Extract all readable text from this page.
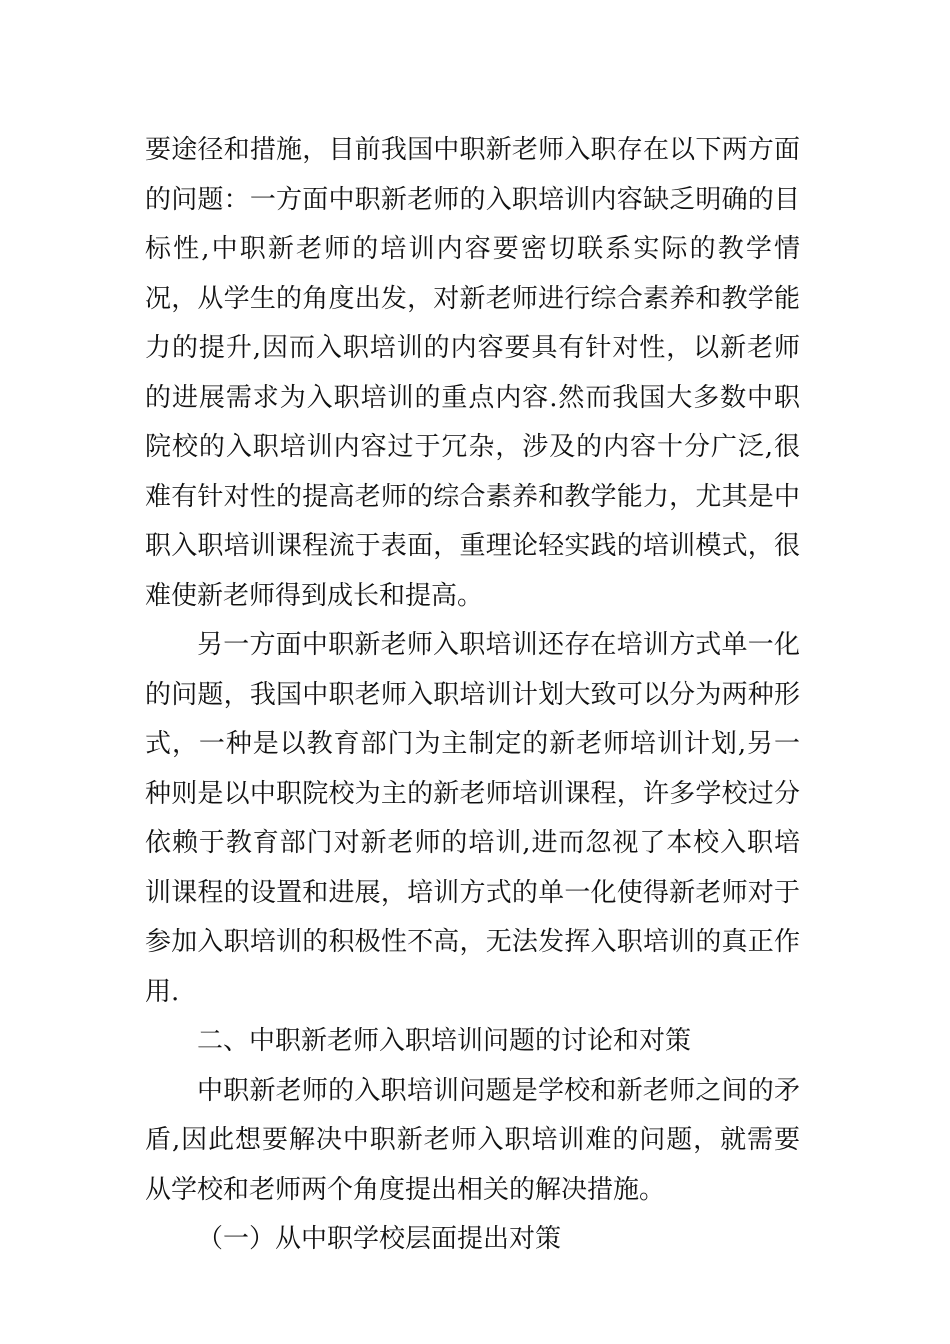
要途径和措施，目前我国中职新老师入职存在以下两方面的问题：一方面中职新老师的入职培训内容缺乏明确的目标性,中职新老师的培训内容要密切联系实际的教学情况，从学生的角度出发，对新老师进行综合素养和教学能力的提升,因而入职培训的内容要具有针对性，以新老师的进展需求为入职培训的重点内容.然而我国大多数中职院校的入职培训内容过于冗杂，涉及的内容十分广泛,很难有针对性的提高老师的综合素养和教学能力，尤其是中职入职培训课程流于表面，重理论轻实践的培训模式，很难使新老师得到成长和提高。

另一方面中职新老师入职培训还存在培训方式单一化的问题，我国中职老师入职培训计划大致可以分为两种形式，一种是以教育部门为主制定的新老师培训计划,另一种则是以中职院校为主的新老师培训课程，许多学校过分依赖于教育部门对新老师的培训,进而忽视了本校入职培训课程的设置和进展，培训方式的单一化使得新老师对于参加入职培训的积极性不高，无法发挥入职培训的真正作用.

二、中职新老师入职培训问题的讨论和对策

中职新老师的入职培训问题是学校和新老师之间的矛盾,因此想要解决中职新老师入职培训难的问题，就需要从学校和老师两个角度提出相关的解决措施。

（一）从中职学校层面提出对策
